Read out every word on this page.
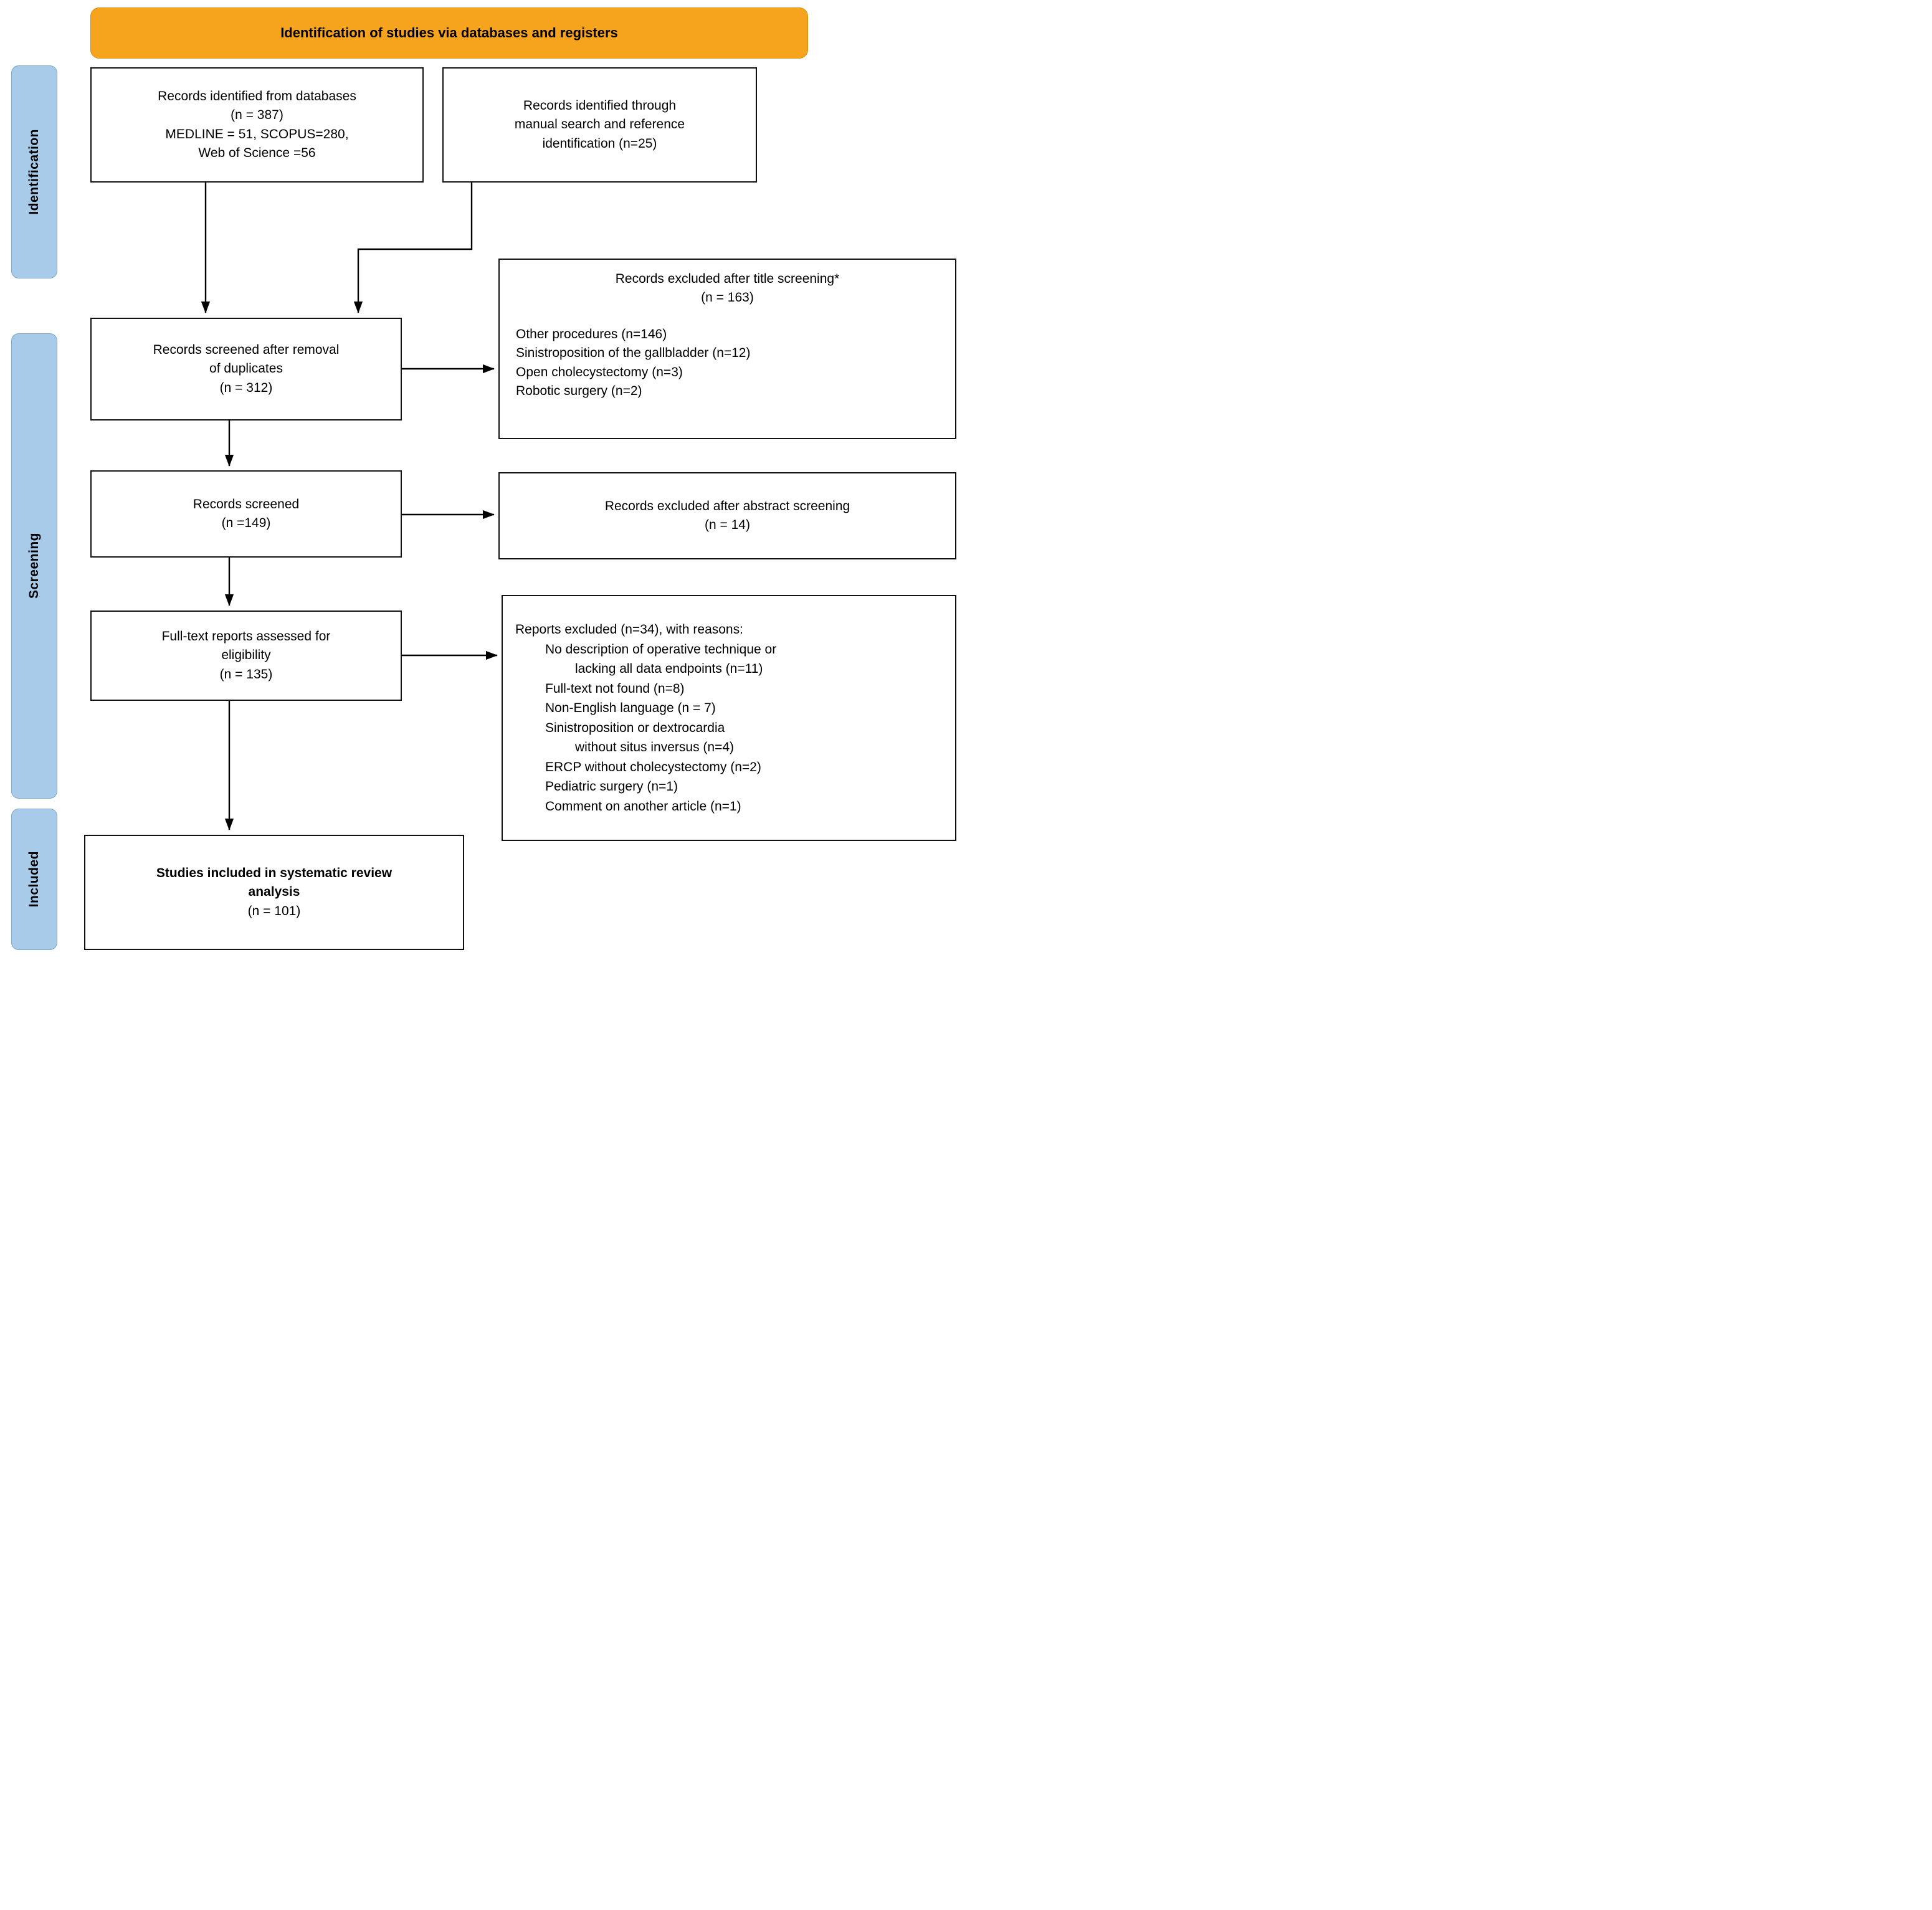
Identification of studies via databases and registers
Identification
Screening
Included
Records identified from databases
(n = 387)
MEDLINE = 51, SCOPUS=280,
Web of Science =56
Records identified through
manual search and reference
identification (n=25)
Records screened after removal
of duplicates
(n = 312)
Records excluded after title screening*
(n = 163)
Other procedures (n=146)
Sinistroposition of the gallbladder (n=12)
Open cholecystectomy (n=3)
Robotic surgery (n=2)
Records screened
(n =149)
Records excluded after abstract screening
(n = 14)
Full-text reports assessed for
eligibility
(n = 135)
Reports excluded (n=34), with reasons:
No description of operative technique or
lacking all data endpoints (n=11)
Full-text not found (n=8)
Non-English language (n = 7)
Sinistroposition or dextrocardia
without situs inversus (n=4)
ERCP without cholecystectomy (n=2)
Pediatric surgery (n=1)
Comment on another article (n=1)
Studies included in systematic review
analysis
(n = 101)
